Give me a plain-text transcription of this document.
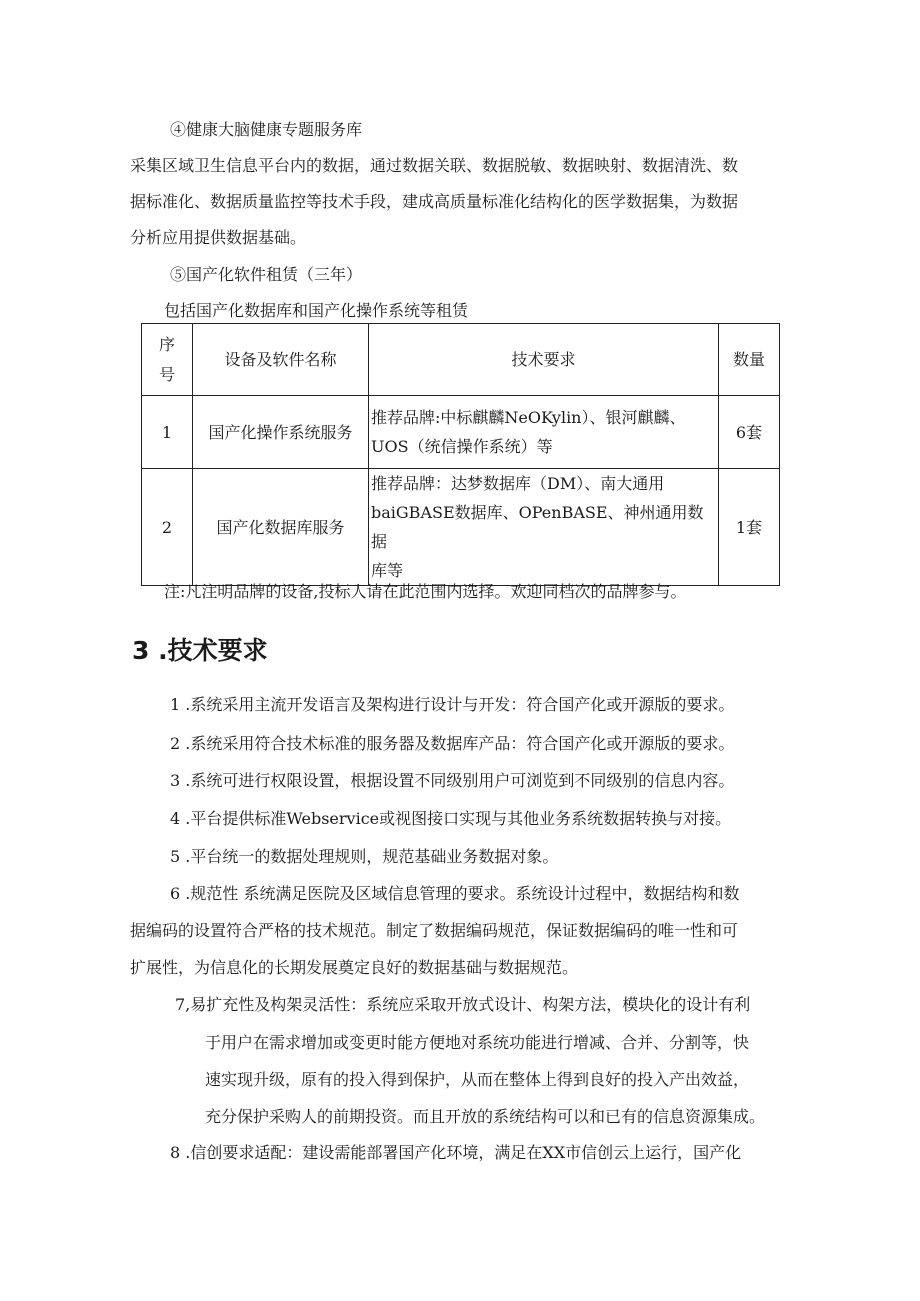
④健康大脑健康专题服务库
采集区域卫生信息平台内的数据，通过数据关联、数据脱敏、数据映射、数据清洗、数
据标准化、数据质量监控等技术手段，建成高质量标准化结构化的医学数据集，为数据
分析应用提供数据基础。
⑤国产化软件租赁（三年）
包括国产化数据库和国产化操作系统等租赁
序号	设备及软件名称	技术要求	数量
1	国产化操作系统服务	推荐品牌:中标麒麟NeOKylin）、银河麒麟、
UOS（统信操作系统）等	6套
2	国产化数据库服务	推荐品牌：达梦数据库（DM）、南大通用
baiGBASE数据库、OPenBASE、神州通用数据
库等	1套
注:凡注明品牌的设备,投标人请在此范围内选择。欢迎同档次的品牌参与。
3 .技术要求
1 .系统采用主流开发语言及架构进行设计与开发：符合国产化或开源版的要求。
2 .系统采用符合技术标准的服务器及数据库产品：符合国产化或开源版的要求。
3 .系统可进行权限设置，根据设置不同级别用户可浏览到不同级别的信息内容。
4 .平台提供标准Webservice或视图接口实现与其他业务系统数据转换与对接。
5 .平台统一的数据处理规则，规范基础业务数据对象。
6 .规范性 系统满足医院及区域信息管理的要求。系统设计过程中，数据结构和数
据编码的设置符合严格的技术规范。制定了数据编码规范，保证数据编码的唯一性和可
扩展性，为信息化的长期发展奠定良好的数据基础与数据规范。
7,易扩充性及构架灵活性：系统应采取开放式设计、构架方法，模块化的设计有利
于用户在需求增加或变更时能方便地对系统功能进行增减、合并、分割等，快
速实现升级，原有的投入得到保护，从而在整体上得到良好的投入产出效益，
充分保护采购人的前期投资。而且开放的系统结构可以和已有的信息资源集成。
8 .信创要求适配：建设需能部署国产化环境，满足在XX市信创云上运行，国产化
